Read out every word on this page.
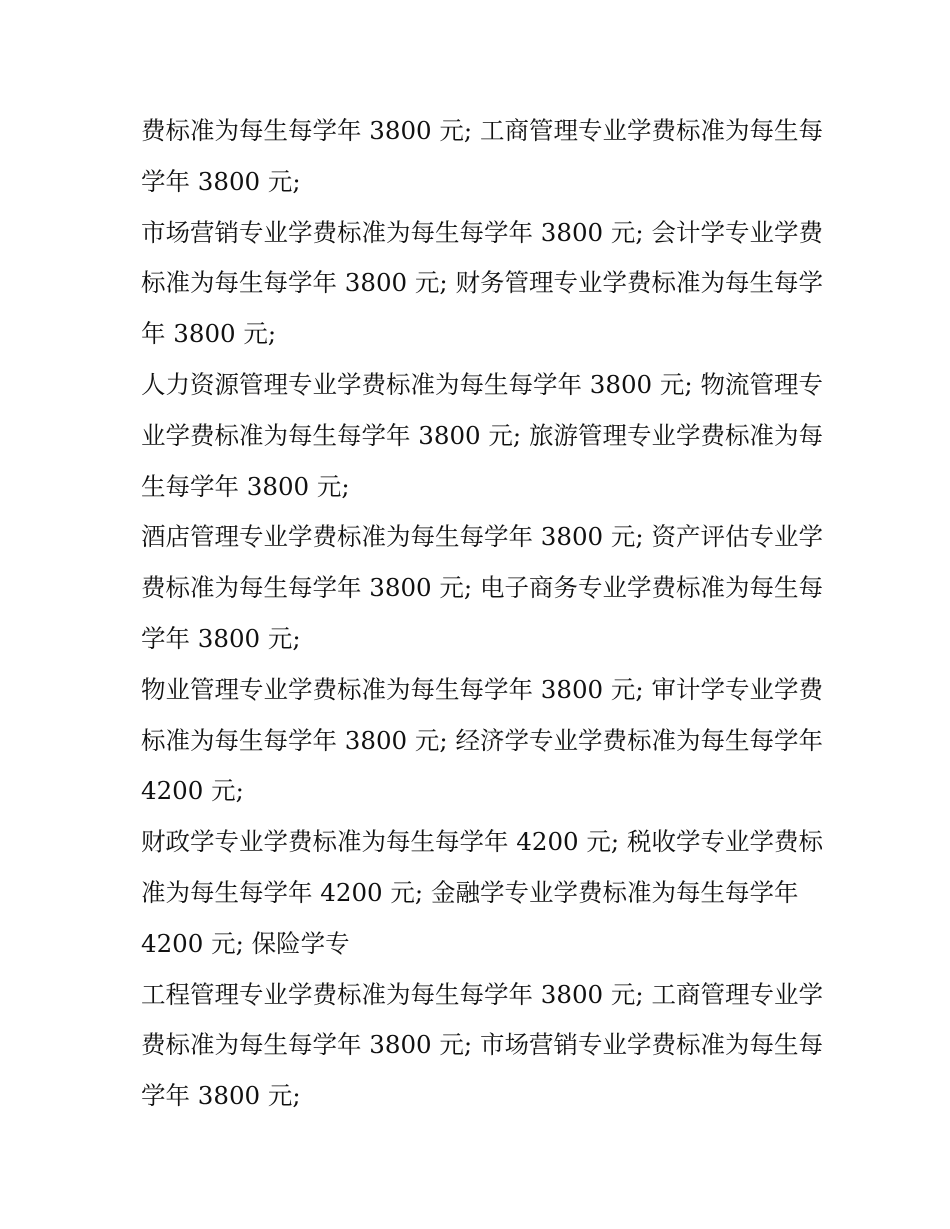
费标准为每生每学年 3800 元; 工商管理专业学费标准为每生每
学年 3800 元;
市场营销专业学费标准为每生每学年 3800 元; 会计学专业学费
标准为每生每学年 3800 元; 财务管理专业学费标准为每生每学
年 3800 元;
人力资源管理专业学费标准为每生每学年 3800 元; 物流管理专
业学费标准为每生每学年 3800 元; 旅游管理专业学费标准为每
生每学年 3800 元;
酒店管理专业学费标准为每生每学年 3800 元; 资产评估专业学
费标准为每生每学年 3800 元; 电子商务专业学费标准为每生每
学年 3800 元;
物业管理专业学费标准为每生每学年 3800 元; 审计学专业学费
标准为每生每学年 3800 元; 经济学专业学费标准为每生每学年
4200 元;
财政学专业学费标准为每生每学年 4200 元; 税收学专业学费标
准为每生每学年 4200 元; 金融学专业学费标准为每生每学年
4200 元; 保险学专
工程管理专业学费标准为每生每学年 3800 元; 工商管理专业学
费标准为每生每学年 3800 元; 市场营销专业学费标准为每生每
学年 3800 元;
